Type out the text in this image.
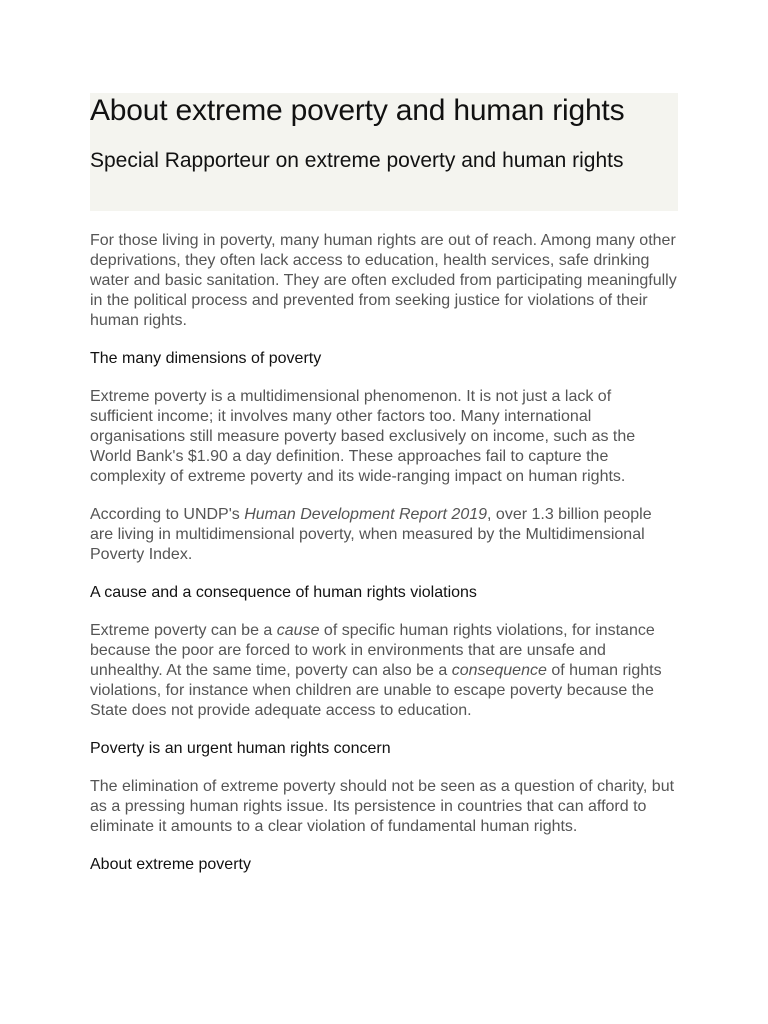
About extreme poverty and human rights
Special Rapporteur on extreme poverty and human rights

For those living in poverty, many human rights are out of reach. Among many other deprivations, they often lack access to education, health services, safe drinking water and basic sanitation. They are often excluded from participating meaningfully in the political process and prevented from seeking justice for violations of their human rights.

The many dimensions of poverty

Extreme poverty is a multidimensional phenomenon. It is not just a lack of sufficient income; it involves many other factors too. Many international organisations still measure poverty based exclusively on income, such as the World Bank's $1.90 a day definition. These approaches fail to capture the complexity of extreme poverty and its wide-ranging impact on human rights.

According to UNDP's Human Development Report 2019, over 1.3 billion people are living in multidimensional poverty, when measured by the Multidimensional Poverty Index.

A cause and a consequence of human rights violations

Extreme poverty can be a cause of specific human rights violations, for instance because the poor are forced to work in environments that are unsafe and unhealthy. At the same time, poverty can also be a consequence of human rights violations, for instance when children are unable to escape poverty because the State does not provide adequate access to education.

Poverty is an urgent human rights concern

The elimination of extreme poverty should not be seen as a question of charity, but as a pressing human rights issue. Its persistence in countries that can afford to eliminate it amounts to a clear violation of fundamental human rights.

About extreme poverty
